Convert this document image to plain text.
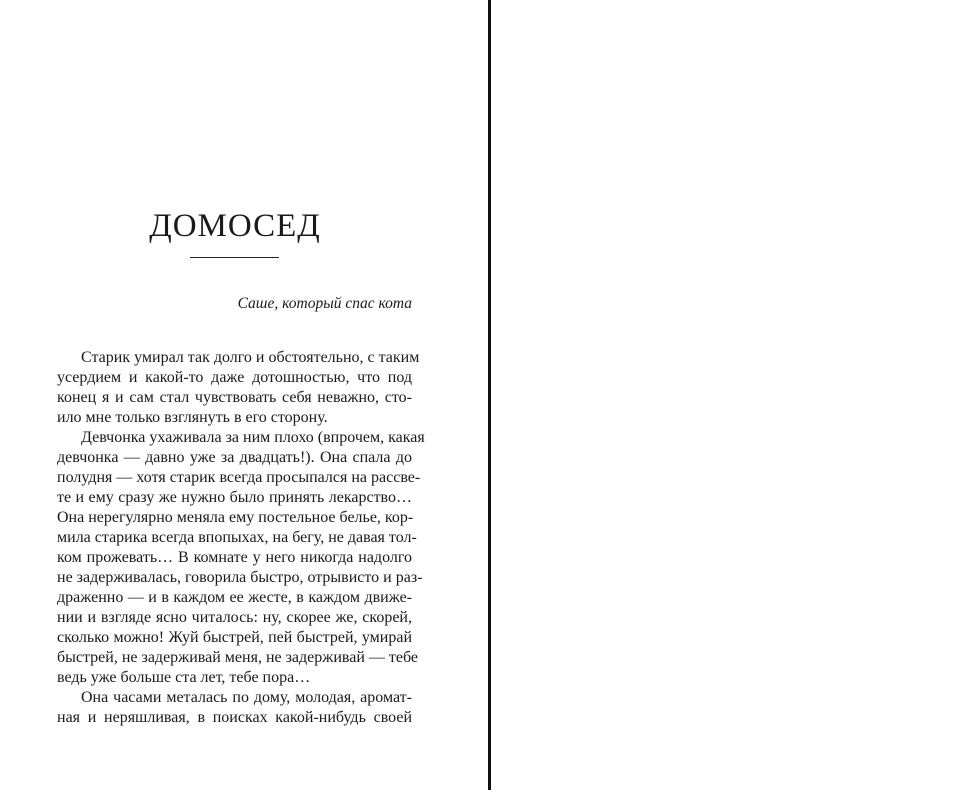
ДОМОСЕД
Саше, который спас кота
Старик умирал так долго и обстоятельно, с таким
усердием и какой-то даже дотошностью, что под
конец я и сам стал чувствовать себя неважно, сто-
ило мне только взглянуть в его сторону.
Девчонка ухаживала за ним плохо (впрочем, какая
девчонка — давно уже за двадцать!). Она спала до
полудня — хотя старик всегда просыпался на рассве-
те и ему сразу же нужно было принять лекарство…
Она нерегулярно меняла ему постельное белье, кор-
мила старика всегда впопыхах, на бегу, не давая тол-
ком прожевать… В комнате у него никогда надолго
не задерживалась, говорила быстро, отрывисто и раз-
драженно — и в каждом ее жесте, в каждом движе-
нии и взгляде ясно читалось: ну, скорее же, скорей,
сколько можно! Жуй быстрей, пей быстрей, умирай
быстрей, не задерживай меня, не задерживай — тебе
ведь уже больше ста лет, тебе пора…
Она часами металась по дому, молодая, аромат-
ная и неряшливая, в поисках какой-нибудь своей
